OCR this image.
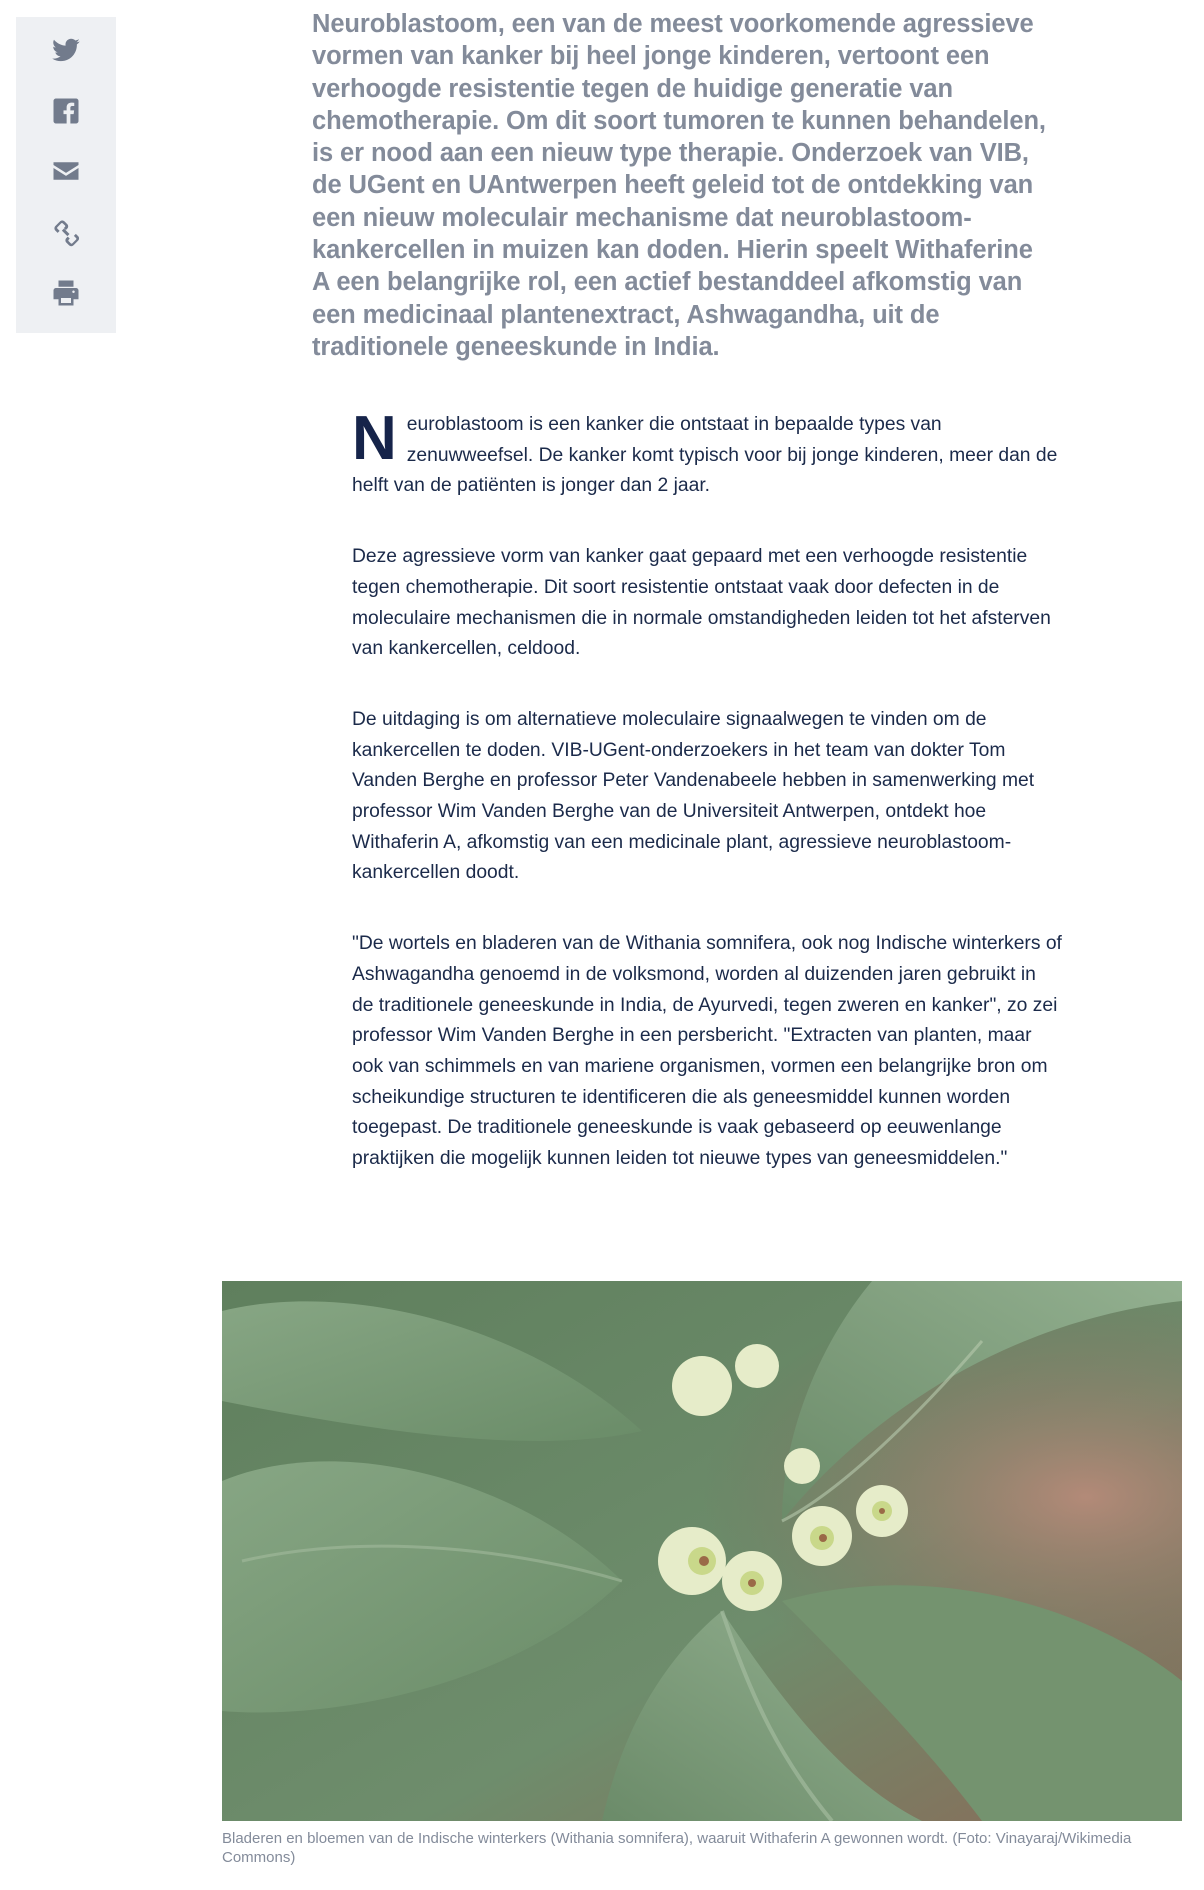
Neuroblastoom, een van de meest voorkomende agressieve vormen van kanker bij heel jonge kinderen, vertoont een verhoogde resistentie tegen de huidige generatie van chemotherapie. Om dit soort tumoren te kunnen behandelen, is er nood aan een nieuw type therapie. Onderzoek van VIB, de UGent en UAntwerpen heeft geleid tot de ontdekking van een nieuw moleculair mechanisme dat neuroblastoom-kankercellen in muizen kan doden. Hierin speelt Withaferine A een belangrijke rol, een actief bestanddeel afkomstig van een medicinaal plantenextract, Ashwagandha, uit de traditionele geneeskunde in India.

Neuroblastoom is een kanker die ontstaat in bepaalde types van zenuwweefsel. De kanker komt typisch voor bij jonge kinderen, meer dan de helft van de patiënten is jonger dan 2 jaar.

Deze agressieve vorm van kanker gaat gepaard met een verhoogde resistentie tegen chemotherapie. Dit soort resistentie ontstaat vaak door defecten in de moleculaire mechanismen die in normale omstandigheden leiden tot het afsterven van kankercellen, celdood.

De uitdaging is om alternatieve moleculaire signaalwegen te vinden om de kankercellen te doden. VIB-UGent-onderzoekers in het team van dokter Tom Vanden Berghe en professor Peter Vandenabeele hebben in samenwerking met professor Wim Vanden Berghe van de Universiteit Antwerpen, ontdekt hoe Withaferin A, afkomstig van een medicinale plant, agressieve neuroblastoom-kankercellen doodt.

"De wortels en bladeren van de Withania somnifera, ook nog Indische winterkers of Ashwagandha genoemd in de volksmond, worden al duizenden jaren gebruikt in de traditionele geneeskunde in India, de Ayurvedi, tegen zweren en kanker", zo zei professor Wim Vanden Berghe in een persbericht. "Extracten van planten, maar ook van schimmels en van mariene organismen, vormen een belangrijke bron om scheikundige structuren te identificeren die als geneesmiddel kunnen worden toegepast. De traditionele geneeskunde is vaak gebaseerd op eeuwenlange praktijken die mogelijk kunnen leiden tot nieuwe types van geneesmiddelen."

Bladeren en bloemen van de Indische winterkers (Withania somnifera), waaruit Withaferin A gewonnen wordt. (Foto: Vinayaraj/Wikimedia Commons)
